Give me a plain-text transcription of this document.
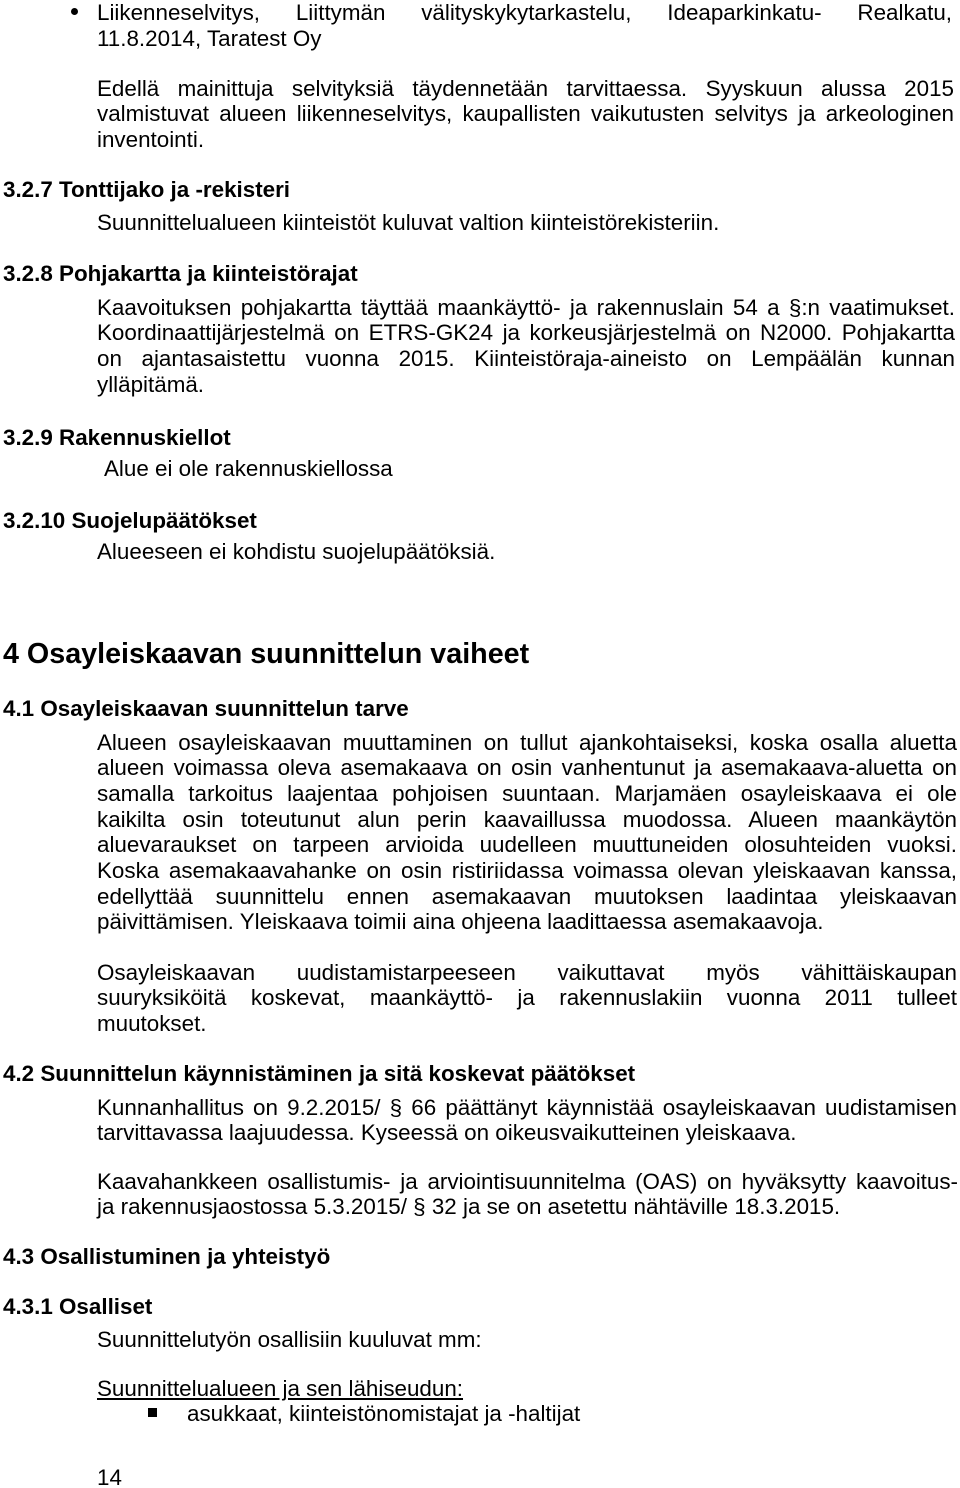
Liikenneselvitys, Liittymän välityskykytarkastelu, Ideaparkinkatu- Realkatu,
11.8.2014, Taratest Oy
Edellä mainittuja selvityksiä täydennetään tarvittaessa. Syyskuun alussa 2015
valmistuvat alueen liikenneselvitys, kaupallisten vaikutusten selvitys ja arkeologinen
inventointi.
3.2.7 Tonttijako ja -rekisteri
Suunnittelualueen kiinteistöt kuluvat valtion kiinteistörekisteriin.
3.2.8 Pohjakartta ja kiinteistörajat
Kaavoituksen pohjakartta täyttää maankäyttö- ja rakennuslain 54 a §:n vaatimukset.
Koordinaattijärjestelmä on ETRS-GK24 ja korkeusjärjestelmä on N2000. Pohjakartta
on ajantasaistettu vuonna 2015. Kiinteistöraja-aineisto on Lempäälän kunnan
ylläpitämä.
3.2.9 Rakennuskiellot
Alue ei ole rakennuskiellossa
3.2.10 Suojelupäätökset
Alueeseen ei kohdistu suojelupäätöksiä.
4 Osayleiskaavan suunnittelun vaiheet
4.1 Osayleiskaavan suunnittelun tarve
Alueen osayleiskaavan muuttaminen on tullut ajankohtaiseksi, koska osalla aluetta
alueen voimassa oleva asemakaava on osin vanhentunut ja asemakaava-aluetta on
samalla tarkoitus laajentaa pohjoisen suuntaan. Marjamäen osayleiskaava ei ole
kaikilta osin toteutunut alun perin kaavaillussa muodossa. Alueen maankäytön
aluevaraukset on tarpeen arvioida uudelleen muuttuneiden olosuhteiden vuoksi.
Koska asemakaavahanke on osin ristiriidassa voimassa olevan yleiskaavan kanssa,
edellyttää suunnittelu ennen asemakaavan muutoksen laadintaa yleiskaavan
päivittämisen. Yleiskaava toimii aina ohjeena laadittaessa asemakaavoja.
Osayleiskaavan uudistamistarpeeseen vaikuttavat myös vähittäiskaupan
suuryksiköitä koskevat, maankäyttö- ja rakennuslakiin vuonna 2011 tulleet
muutokset.
4.2 Suunnittelun käynnistäminen ja sitä koskevat päätökset
Kunnanhallitus on 9.2.2015/ § 66 päättänyt käynnistää osayleiskaavan uudistamisen
tarvittavassa laajuudessa. Kyseessä on oikeusvaikutteinen yleiskaava.
Kaavahankkeen osallistumis- ja arviointisuunnitelma (OAS) on hyväksytty kaavoitus-
ja rakennusjaostossa 5.3.2015/ § 32 ja se on asetettu nähtäville 18.3.2015.
4.3 Osallistuminen ja yhteistyö
4.3.1 Osalliset
Suunnittelutyön osallisiin kuuluvat mm:
Suunnittelualueen ja sen lähiseudun:
asukkaat, kiinteistönomistajat ja -haltijat
14
